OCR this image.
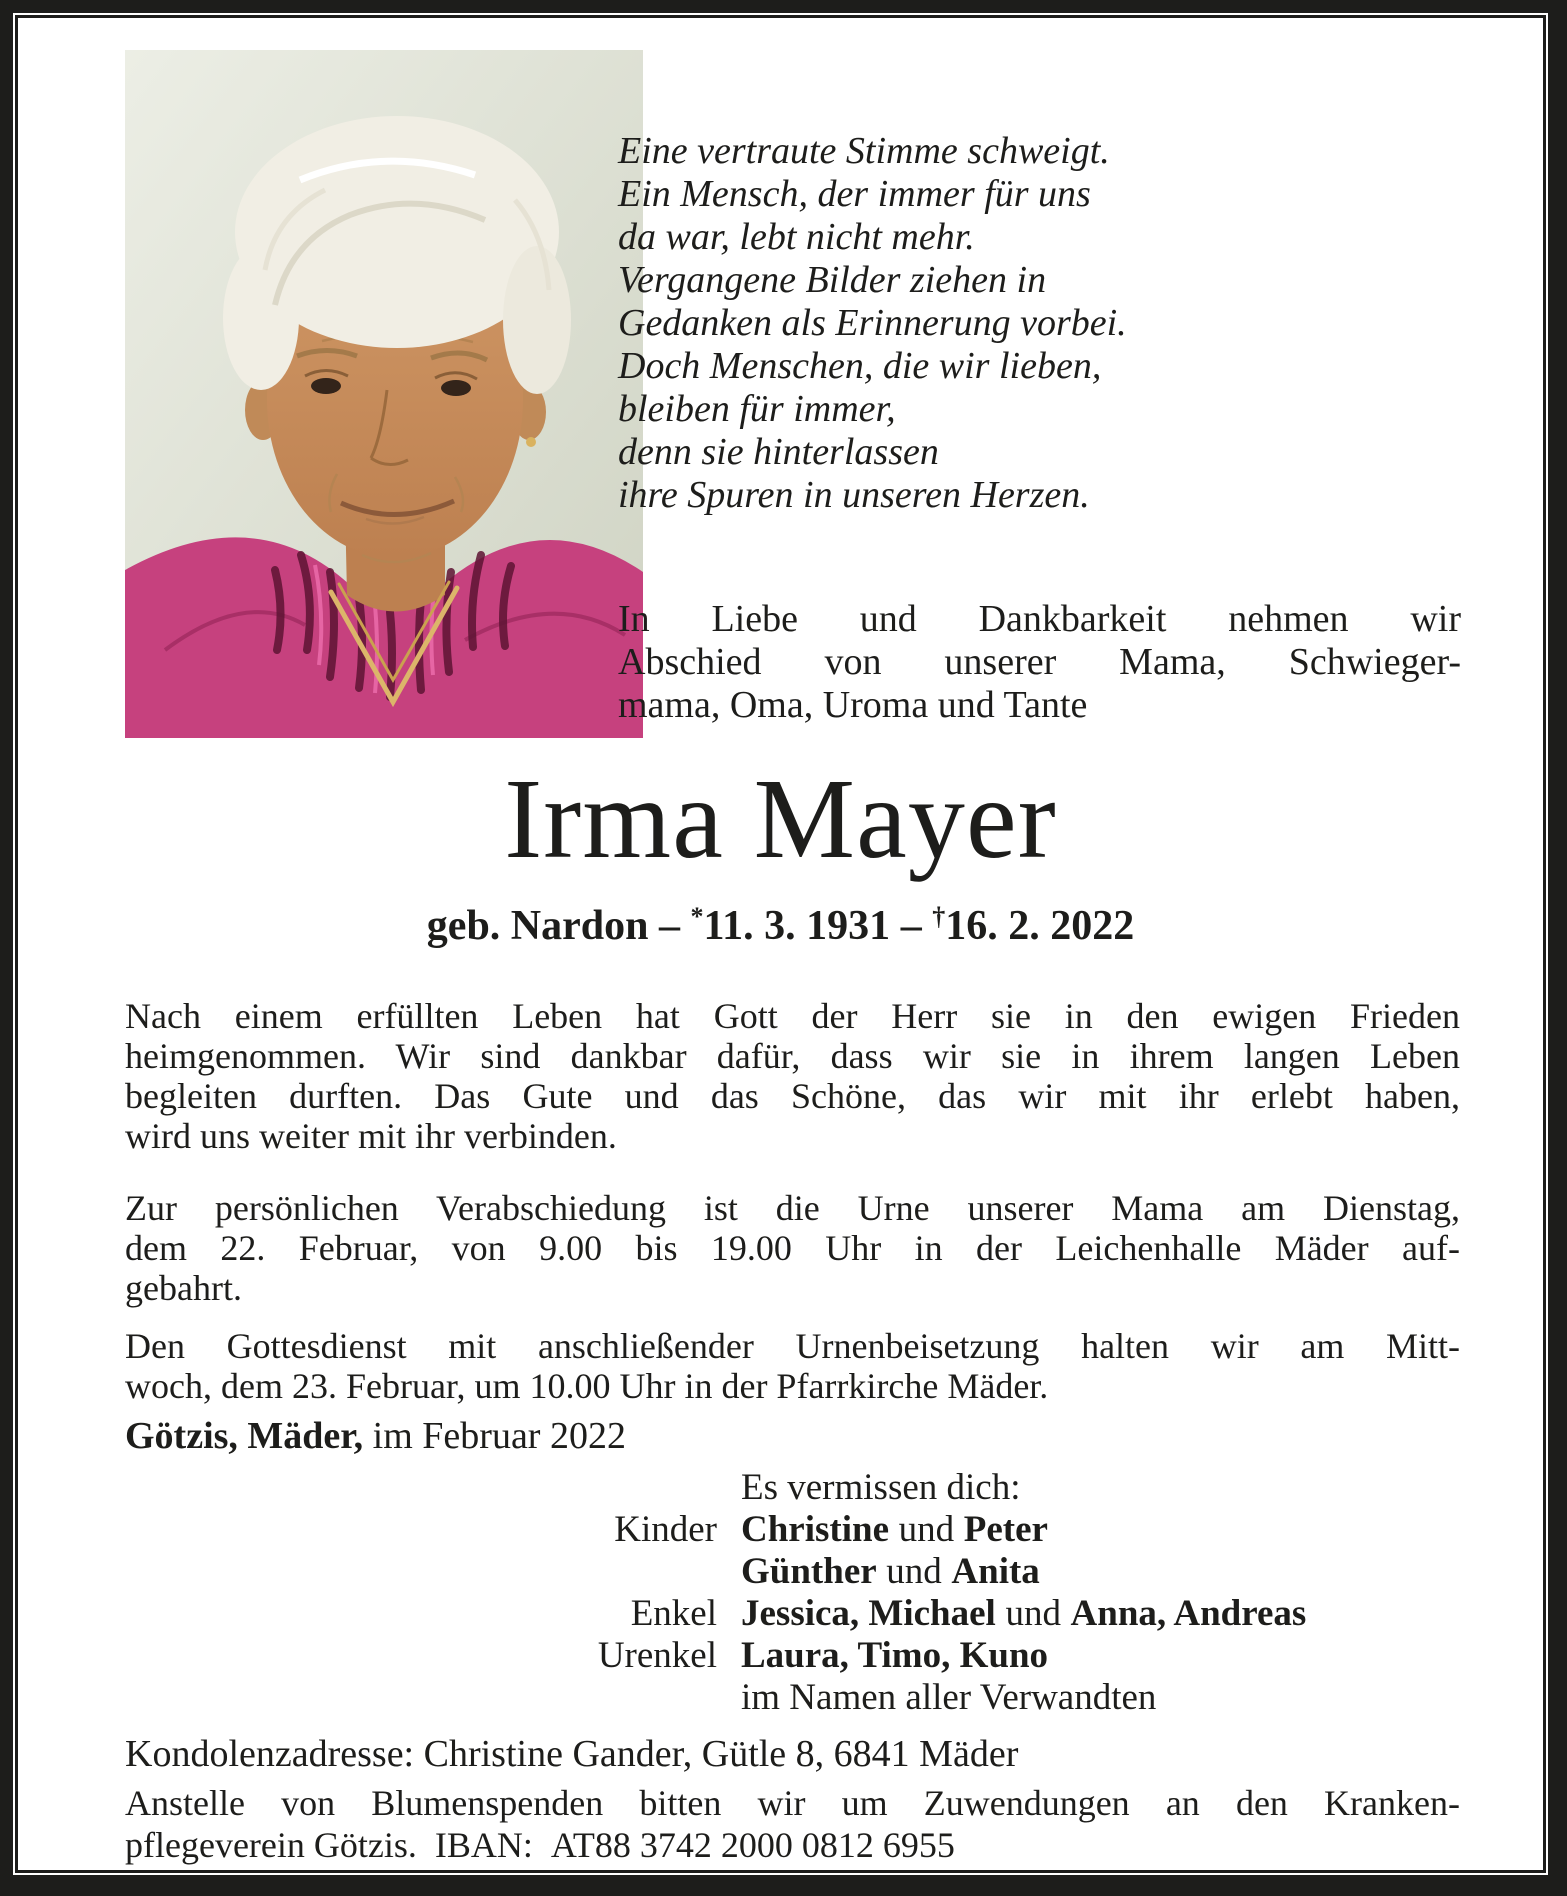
Eine vertraute Stimme schweigt.
Ein Mensch, der immer für uns
da war, lebt nicht mehr.
Vergangene Bilder ziehen in
Gedanken als Erinnerung vorbei.
Doch Menschen, die wir lieben,
bleiben für immer,
denn sie hinterlassen
ihre Spuren in unseren Herzen.
In Liebe und Dankbarkeit nehmen wir
Abschied von unserer Mama, Schwieger-
mama, Oma, Uroma und Tante
Irma Mayer
geb. Nardon – *11. 3. 1931 – †16. 2. 2022
Nach einem erfüllten Leben hat Gott der Herr sie in den ewigen Frieden
heimgenommen. Wir sind dankbar dafür, dass wir sie in ihrem langen Leben
begleiten durften. Das Gute und das Schöne, das wir mit ihr erlebt haben,
wird uns weiter mit ihr verbinden.
Zur persönlichen Verabschiedung ist die Urne unserer Mama am Dienstag,
dem 22. Februar, von 9.00 bis 19.00 Uhr in der Leichenhalle Mäder auf-
gebahrt.
Den Gottesdienst mit anschließender Urnenbeisetzung halten wir am Mitt-
woch, dem 23. Februar, um 10.00 Uhr in der Pfarrkirche Mäder.
Götzis, Mäder, im Februar 2022
Es vermissen dich:
Kinder Christine und Peter
Günther und Anita
Enkel Jessica, Michael und Anna, Andreas
Urenkel Laura, Timo, Kuno
im Namen aller Verwandten
Kondolenzadresse: Christine Gander, Gütle 8, 6841 Mäder
Anstelle von Blumenspenden bitten wir um Zuwendungen an den Kranken-
pflegeverein Götzis. IBAN: AT88 3742 2000 0812 6955
